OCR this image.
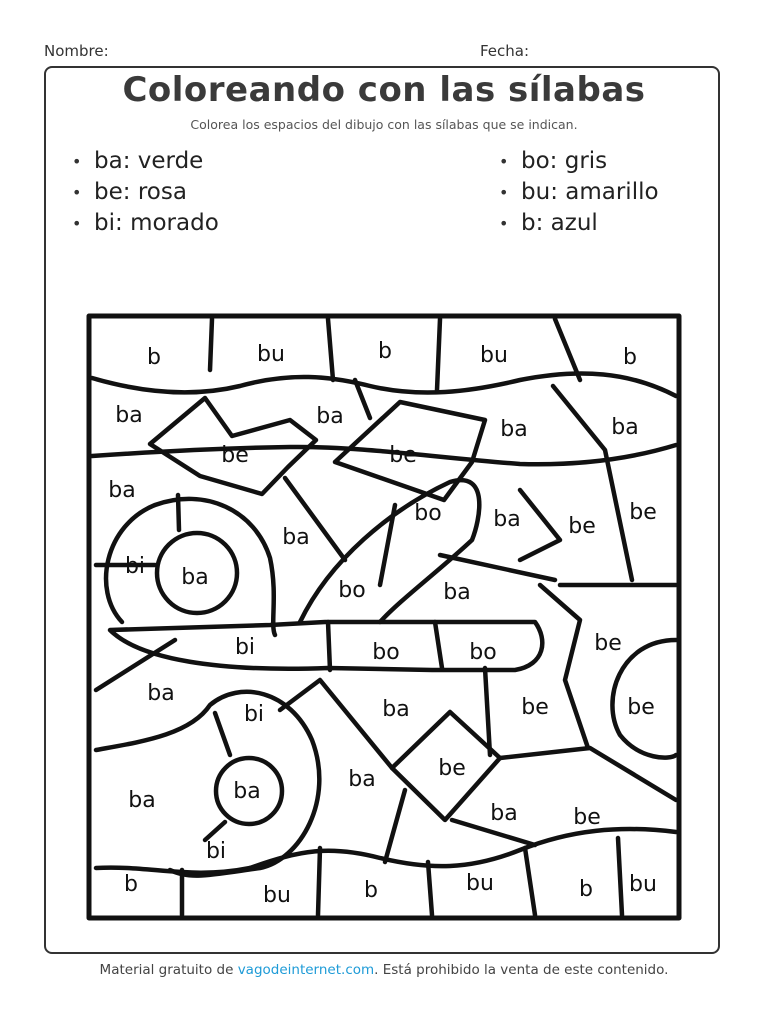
Nombre:	Fecha:
Coloreando con las sílabas
Colorea los espacios del dibujo con las sílabas que se indican.
• ba: verde
• be: rosa
• bi: morado
• bo: gris
• bu: amarillo
• b: azul
b	bu	b	bu	b
ba	ba
be	be
ba	ba
ba
bo ba be
be
ba
bi ba
bo	ba
bi	bo	bo	be
be
ba
bi	ba	be
be
ba	ba	ba
bi
ba	be
b	bu	b	bu	b bu
Material gratuito de vagodeinternet.com. Está prohibido la venta de este contenido.
